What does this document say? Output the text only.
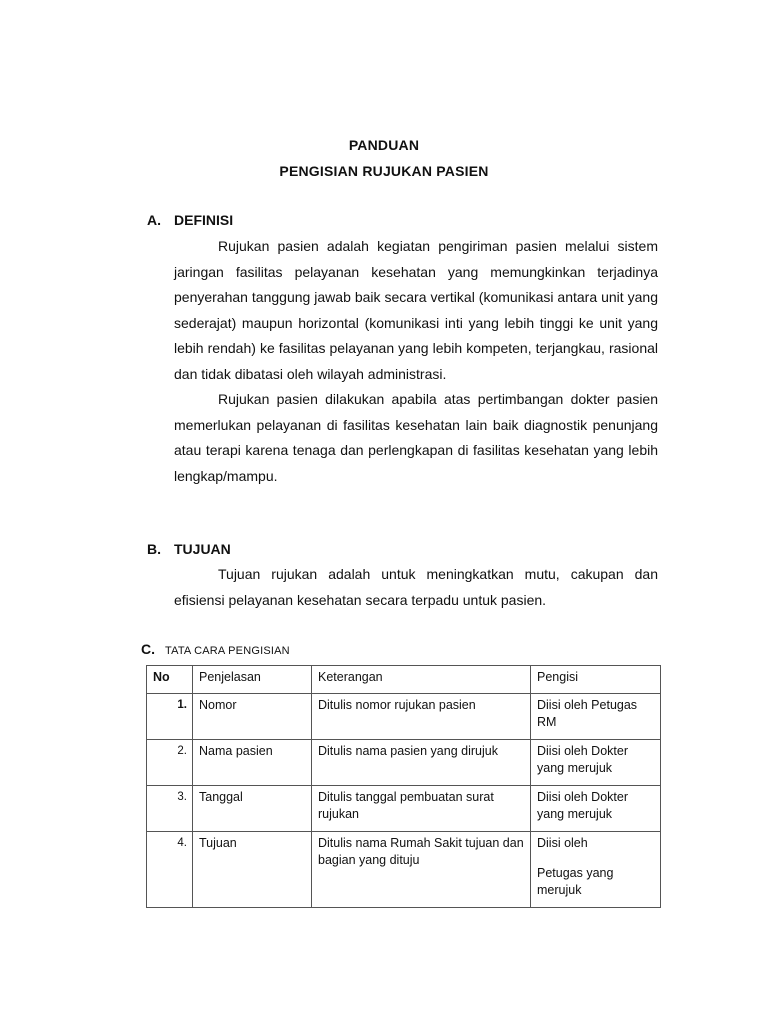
PANDUAN
PENGISIAN RUJUKAN PASIEN
A. DEFINISI

Rujukan pasien adalah kegiatan pengiriman pasien melalui sistem jaringan fasilitas pelayanan kesehatan yang memungkinkan terjadinya penyerahan tanggung jawab baik secara vertikal (komunikasi antara unit yang sederajat) maupun horizontal (komunikasi inti yang lebih tinggi ke unit yang lebih rendah) ke fasilitas pelayanan yang lebih kompeten, terjangkau, rasional dan tidak dibatasi oleh wilayah administrasi.

Rujukan pasien dilakukan apabila atas pertimbangan dokter pasien memerlukan pelayanan di fasilitas kesehatan lain baik diagnostik penunjang atau terapi karena tenaga dan perlengkapan di fasilitas kesehatan yang lebih lengkap/mampu.

B. TUJUAN

Tujuan rujukan adalah untuk meningkatkan mutu, cakupan dan efisiensi pelayanan kesehatan secara terpadu untuk pasien.

C. TATA CARA PENGISIAN
No	Penjelasan	Keterangan	Pengisi
1.	Nomor	Ditulis nomor rujukan pasien	Diisi oleh Petugas RM
2.	Nama pasien	Ditulis nama pasien yang dirujuk	Diisi oleh Dokter yang merujuk
3.	Tanggal	Ditulis tanggal pembuatan surat rujukan	Diisi oleh Dokter yang merujuk
4.	Tujuan	Ditulis nama Rumah Sakit tujuan dan bagian yang dituju	Diisi oleh
Petugas yang merujuk
